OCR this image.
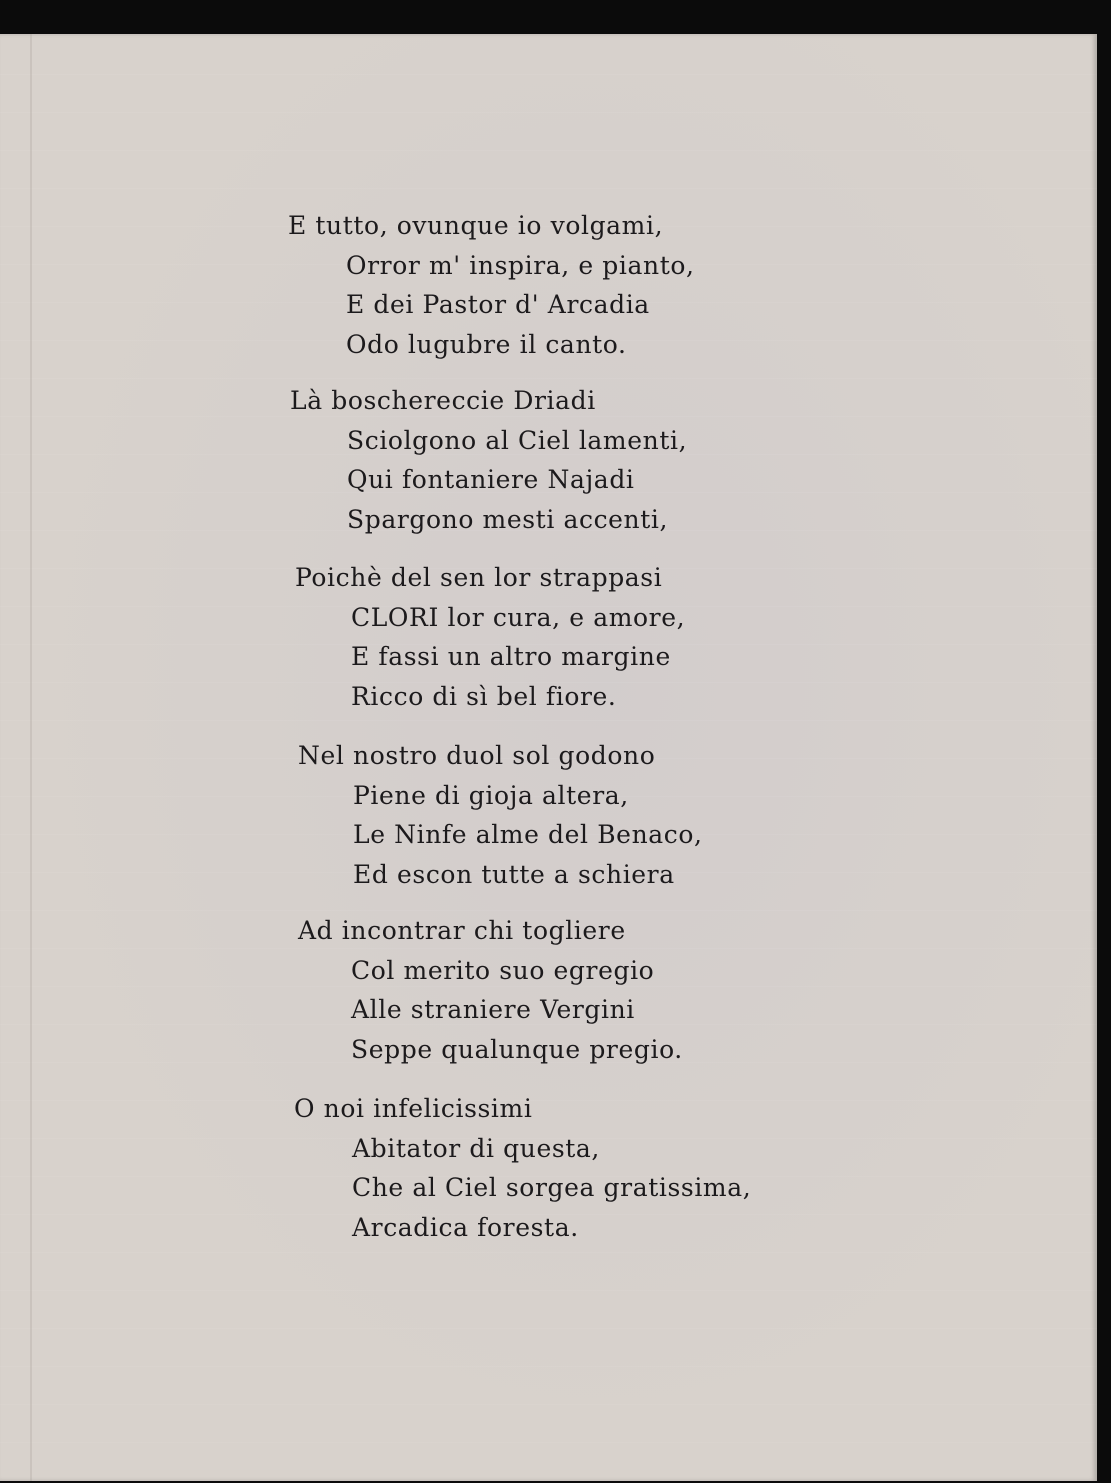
E tutto, ovunque io volgami,
Orror m' inspira, e pianto,
E dei Pastor d' Arcadia
Odo lugubre il canto.
Là boschereccie Driadi
Sciolgono al Ciel lamenti,
Qui fontaniere Najadi
Spargono mesti accenti,
Poichè del sen lor strappasi
CLORI lor cura, e amore,
E fassi un altro margine
Ricco di sì bel fiore.
Nel nostro duol sol godono
Piene di gioja altera,
Le Ninfe alme del Benaco,
Ed escon tutte a schiera
Ad incontrar chi togliere
Col merito suo egregio
Alle straniere Vergini
Seppe qualunque pregio.
O noi infelicissimi
Abitator di questa,
Che al Ciel sorgea gratissima,
Arcadica foresta.
